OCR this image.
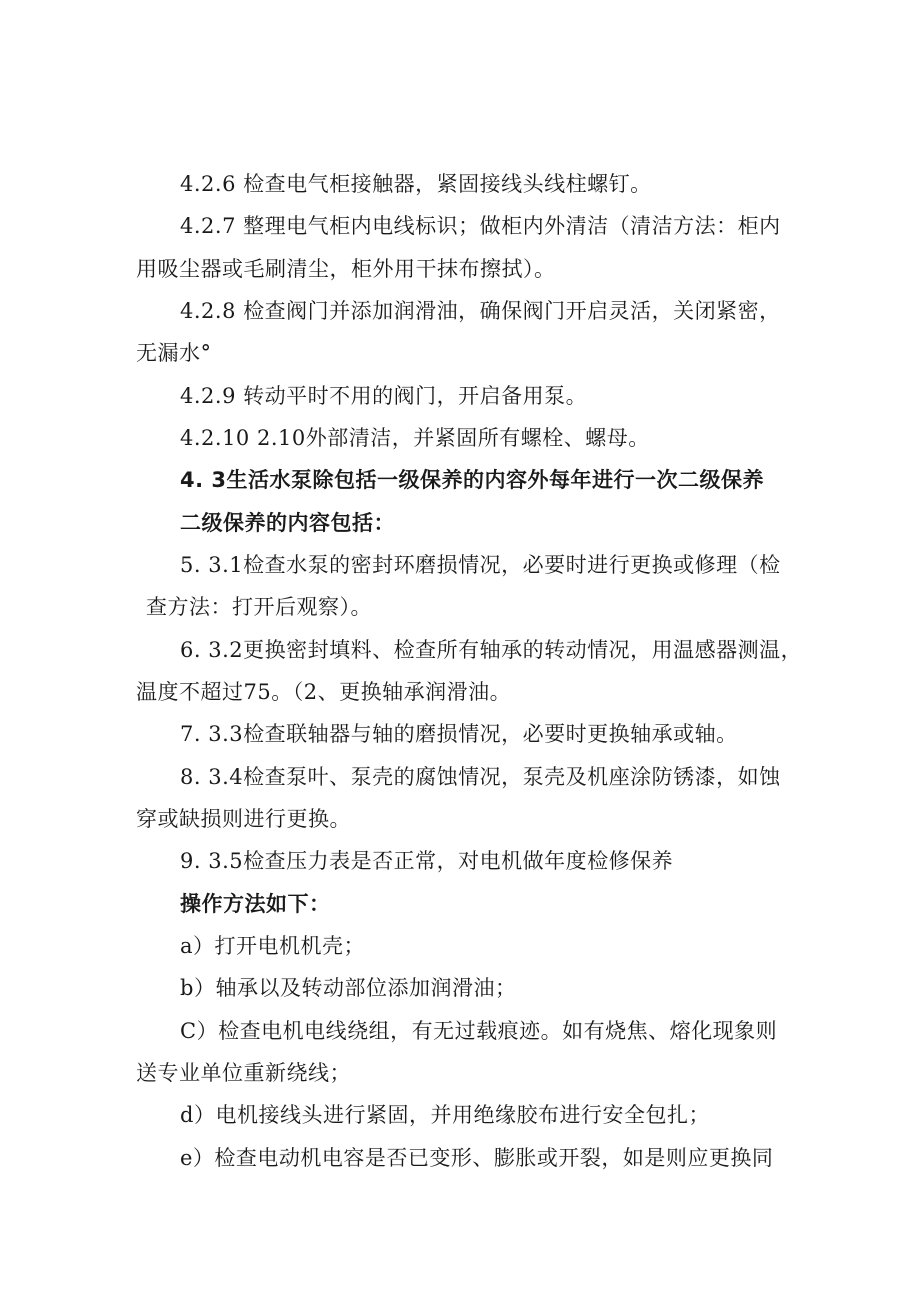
4.2.6 检查电气柜接触器，紧固接线头线柱螺钉。
4.2.7 整理电气柜内电线标识；做柜内外清洁（清洁方法：柜内
用吸尘器或毛刷清尘，柜外用干抹布擦拭）。
4.2.8 检查阀门并添加润滑油，确保阀门开启灵活，关闭紧密，
无漏水°
4.2.9 转动平时不用的阀门，开启备用泵。
4.2.10 2.10外部清洁，并紧固所有螺栓、螺母。
4. 3生活水泵除包括一级保养的内容外每年进行一次二级保养
二级保养的内容包括：
5. 3.1检查水泵的密封环磨损情况，必要时进行更换或修理（检
查方法：打开后观察）。
6. 3.2更换密封填料、检查所有轴承的转动情况，用温感器测温，
温度不超过75。（2、更换轴承润滑油。
7. 3.3检查联轴器与轴的磨损情况，必要时更换轴承或轴。
8. 3.4检查泵叶、泵壳的腐蚀情况，泵壳及机座涂防锈漆，如蚀
穿或缺损则进行更换。
9. 3.5检查压力表是否正常，对电机做年度检修保养
操作方法如下：
a）打开电机机壳；
b）轴承以及转动部位添加润滑油；
C）检查电机电线绕组，有无过载痕迹。如有烧焦、熔化现象则
送专业单位重新绕线；
d）电机接线头进行紧固，并用绝缘胶布进行安全包扎；
e）检查电动机电容是否已变形、膨胀或开裂，如是则应更换同
